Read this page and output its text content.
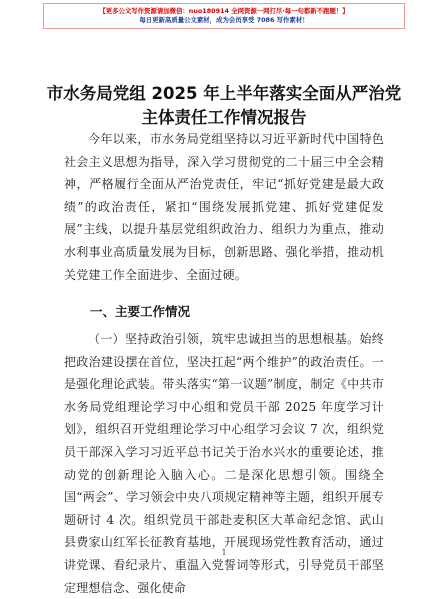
【更多公文写作资源请加微信：nuo180914 全网资源一网打尽·每一句都新不跑题！】
每日更新高质量公文素材，成为会员享受 7086 写作素材！
市水务局党组 2025 年上半年落实全面从严治党主体责任工作情况报告

今年以来，市水务局党组坚持以习近平新时代中国特色社会主义思想为指导，深入学习贯彻党的二十届三中全会精神，严格履行全面从严治党责任，牢记“抓好党建是最大政绩”的政治责任，紧扣“围绕发展抓党建、抓好党建促发展”主线，以提升基层党组织政治力、组织力为重点，推动水利事业高质量发展为目标，创新思路、强化举措，推动机关党建工作全面进步、全面过硬。

一、主要工作情况

（一）坚持政治引领，筑牢忠诚担当的思想根基。始终把政治建设摆在首位，坚决扛起“两个维护”的政治责任。一是强化理论武装。带头落实“第一议题”制度，制定《中共市水务局党组理论学习中心组和党员干部 2025 年度学习计划》，组织召开党组理论学习中心组学习会议 7 次，组织党员干部深入学习习近平总书记关于治水兴水的重要论述，推动党的创新理论入脑入心。二是深化思想引领。围绕全国“两会”、学习领会中央八项规定精神等主题，组织开展专题研讨 4 次。组织党员干部赴麦积区大革命纪念馆、武山县费家山红军长征教育基地，开展现场党性教育活动，通过讲党课、看纪录片、重温入党誓词等形式，引导党员干部坚定理想信念、强化使命

1
